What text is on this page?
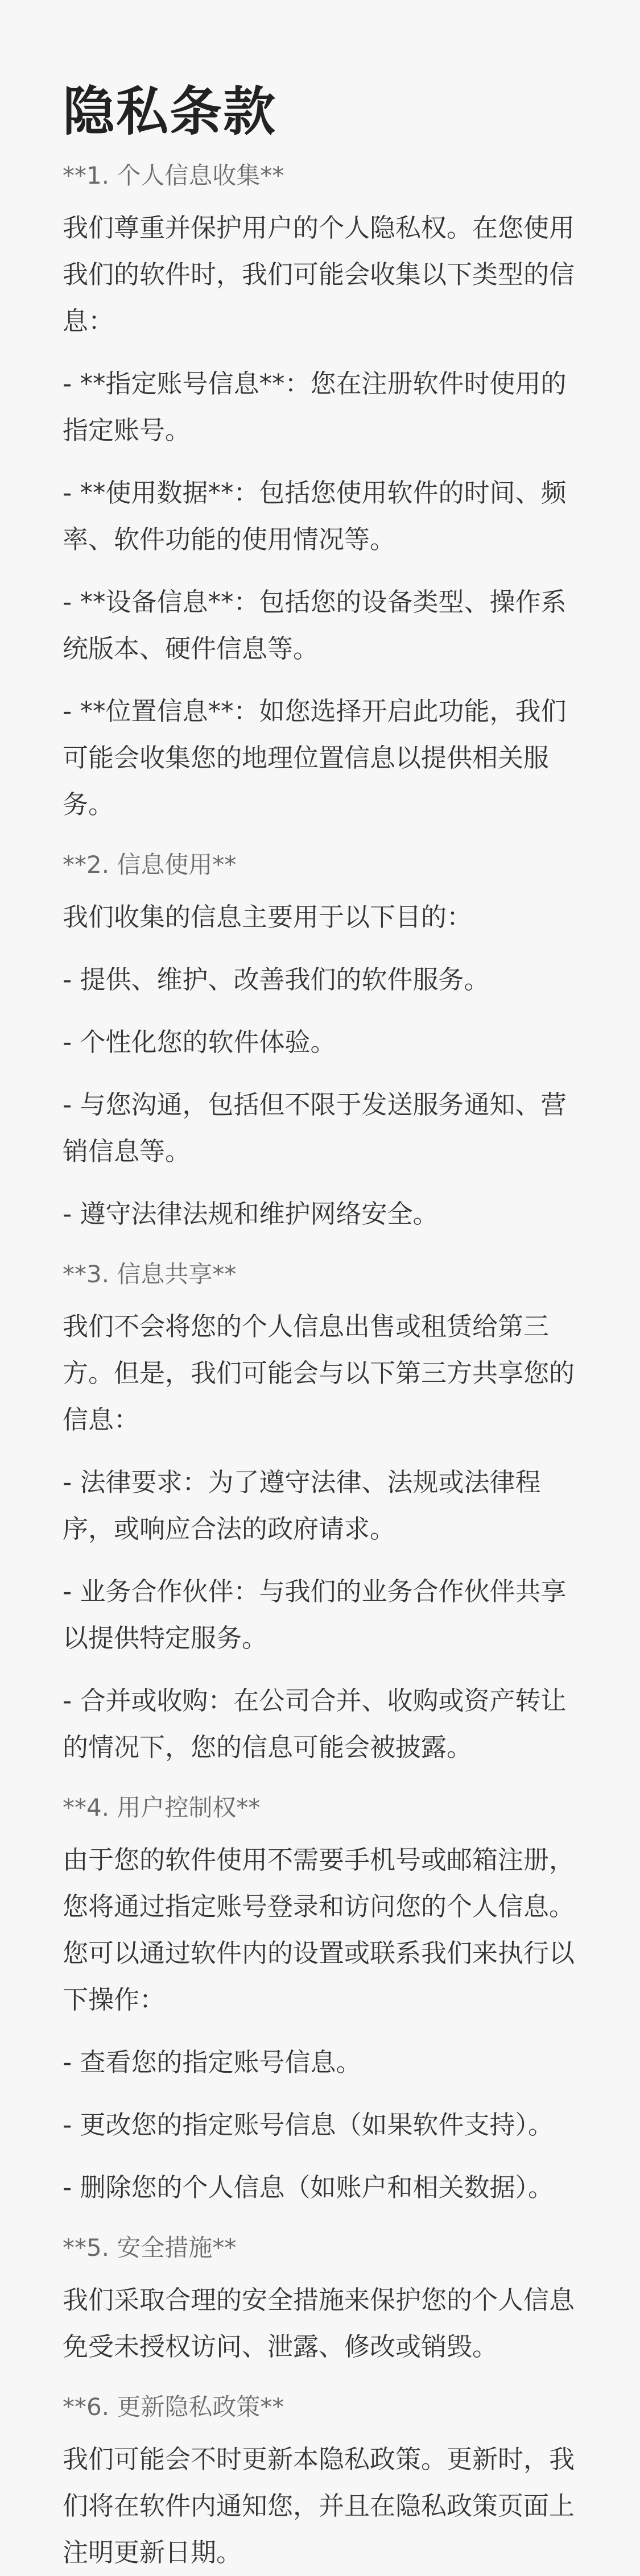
隐私条款
**1. 个人信息收集**
我们尊重并保护用户的个人隐私权。在您使用我们的软件时，我们可能会收集以下类型的信息：
- **指定账号信息**：您在注册软件时使用的指定账号。
- **使用数据**：包括您使用软件的时间、频率、软件功能的使用情况等。
- **设备信息**：包括您的设备类型、操作系统版本、硬件信息等。
- **位置信息**：如您选择开启此功能，我们可能会收集您的地理位置信息以提供相关服务。
**2. 信息使用**
我们收集的信息主要用于以下目的：
- 提供、维护、改善我们的软件服务。
- 个性化您的软件体验。
- 与您沟通，包括但不限于发送服务通知、营销信息等。
- 遵守法律法规和维护网络安全。
**3. 信息共享**
我们不会将您的个人信息出售或租赁给第三方。但是，我们可能会与以下第三方共享您的信息：
- 法律要求：为了遵守法律、法规或法律程序，或响应合法的政府请求。
- 业务合作伙伴：与我们的业务合作伙伴共享以提供特定服务。
- 合并或收购：在公司合并、收购或资产转让的情况下，您的信息可能会被披露。
**4. 用户控制权**
由于您的软件使用不需要手机号或邮箱注册，您将通过指定账号登录和访问您的个人信息。您可以通过软件内的设置或联系我们来执行以下操作：
- 查看您的指定账号信息。
- 更改您的指定账号信息（如果软件支持）。
- 删除您的个人信息（如账户和相关数据）。
**5. 安全措施**
我们采取合理的安全措施来保护您的个人信息免受未授权访问、泄露、修改或销毁。
**6. 更新隐私政策**
我们可能会不时更新本隐私政策。更新时，我们将在软件内通知您，并且在隐私政策页面上注明更新日期。
